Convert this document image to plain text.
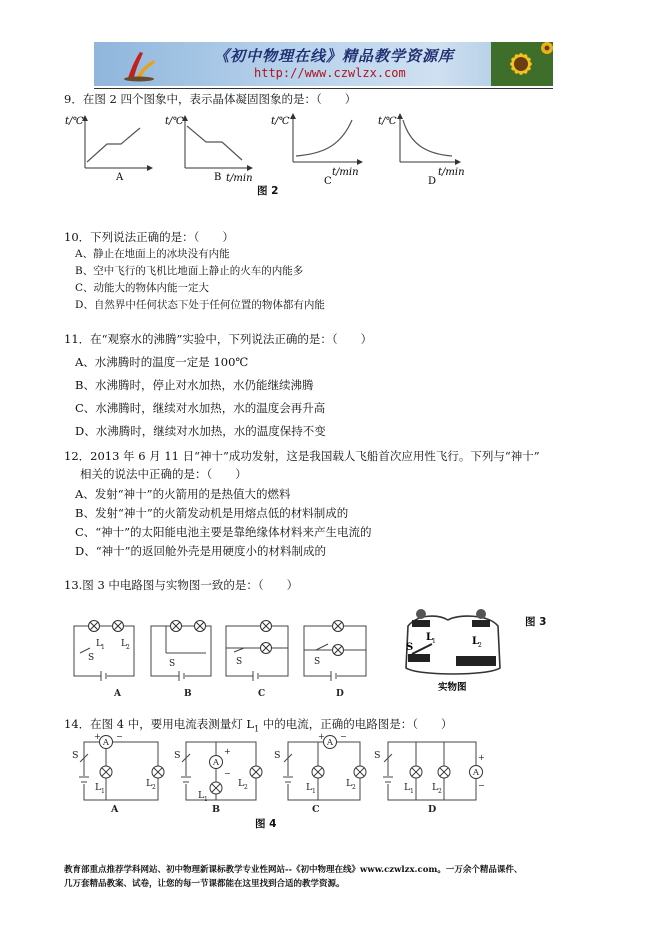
《初中物理在线》精品教学资源库
http://www.czwlzx.com
9．在图 2 四个图象中，表示晶体凝固图象的是：（　　）
t/℃
A
t/℃
B t/min
t/℃
C
t/min
t/℃
D
t/min
图 2
10．下列说法正确的是：（　　）
A、静止在地面上的冰块没有内能
B、空中飞行的飞机比地面上静止的火车的内能多
C、动能大的物体内能一定大
D、自然界中任何状态下处于任何位置的物体都有内能
11．在“观察水的沸腾”实验中，下列说法正确的是：（　　）
A、水沸腾时的温度一定是 100℃
B、水沸腾时，停止对水加热，水仍能继续沸腾
C、水沸腾时，继续对水加热，水的温度会再升高
D、水沸腾时，继续对水加热，水的温度保持不变
12．2013 年 6 月 11 日“神十”成功发射，这是我国载人飞船首次应用性飞行。下列与“神十”
相关的说法中正确的是：（　　）
A、发射“神十”的火箭用的是热值大的燃料
B、发射“神十”的火箭发动机是用熔点低的材料制成的
C、“神十”的太阳能电池主要是靠绝缘体材料来产生电流的
D、“神十”的返回舱外壳是用硬度小的材料制成的
13.图 3 中电路图与实物图一致的是：（　　）
L 1 L 2
S
S	S	S
A	B	C	D
L
1	L
2
S
实物图
图 3
14．在图 4 中，要用电流表测量灯 $L_1$ 中的电流，正确的电路图是：（　　）
A
A
A
A
+ −
+
−
+ −
+
−
S
L 1
L 2
A
S
L 1
L 2
B
S
L 1
L 2
C
S
L 1 L 2
D
图 4
教育部重点推荐学科网站、初中物理新课标教学专业性网站--《初中物理在线》www.czwlzx.com。一万余个精品课件、
几万套精品教案、试卷，让您的每一节课都能在这里找到合适的教学资源。
